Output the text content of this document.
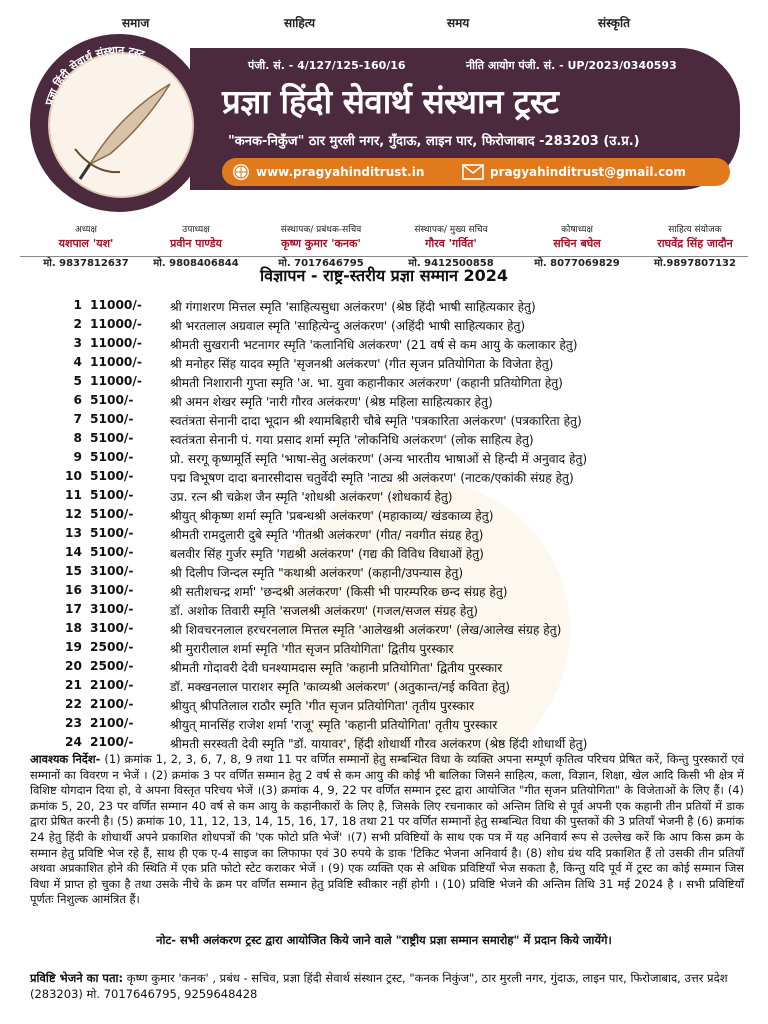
समाज	साहित्य	समय	संस्कृति
प्रज्ञा हिंदी सेवार्थ संस्थान ट्रस्ट
पंजी. सं. - 4/127/125-160/16	नीति आयोग पंजी. सं. - UP/2023/0340593
प्रज्ञा हिंदी सेवार्थ संस्थान ट्रस्ट
"कनक-निकुँज" ठार मुरली नगर, गुँदाऊ, लाइन पार, फिरोजाबाद -283203 (उ.प्र.)
www.pragyahinditrust.in	pragyahinditrust@gmail.com
अध्यक्ष
यशपाल 'यश'
मो. 9837812637
उपाध्यक्ष
प्रवीन पाण्डेय
मो. 9808406844
संस्थापक/ प्रबंधक-सचिव
कृष्ण कुमार 'कनक'
मो. 7017646795
संस्थापक/ मुख्य सचिव
गौरव 'गर्वित'
मो. 9412500858
कोषाध्यक्ष
सचिन बघेल
मो. 8077069829
साहित्य संयोजक
राघवेंद्र सिंह जादौन
मो.9897807132
विज्ञापन - राष्ट्र-स्तरीय प्रज्ञा सम्मान 2024
1 11000/- श्री गंगाशरण मित्तल स्मृति 'साहित्यसुधा अलंकरण' (श्रेष्ठ हिंदी भाषी साहित्यकार हेतु)
2 11000/- श्री भरतलाल अग्रवाल स्मृति 'साहित्येन्दु अलंकरण' (अहिंदी भाषी साहित्यकार हेतु)
3 11000/- श्रीमती सुखरानी भटनागर स्मृति 'कलानिधि अलंकरण' (21 वर्ष से कम आयु के कलाकार हेतु)
4 11000/- श्री मनोहर सिंह यादव स्मृति 'सृजनश्री अलंकरण' (गीत सृजन प्रतियोगिता के विजेता हेतु)
5 11000/- श्रीमती निशारानी गुप्ता स्मृति 'अ. भा. युवा कहानीकार अलंकरण' (कहानी प्रतियोगिता हेतु)
6 5100/-	श्री अमन शेखर स्मृति 'नारी गौरव अलंकरण' (श्रेष्ठ महिला साहित्यकार हेतु)
7 5100/-	स्वतंत्रता सेनानी दादा भूदान श्री श्यामबिहारी चौबे स्मृति 'पत्रकारिता अलंकरण' (पत्रकारिता हेतु)
8 5100/-	स्वतंत्रता सेनानी पं. गया प्रसाद शर्मा स्मृति 'लोकनिधि अलंकरण' (लोक साहित्य हेतु)
9 5100/-	प्रो. सरगू कृष्णमूर्ति स्मृति 'भाषा-सेतु अलंकरण' (अन्य भारतीय भाषाओं से हिन्दी में अनुवाद हेतु)
10 5100/-	पद्म विभूषण दादा बनारसीदास चतुर्वेदी स्मृति 'नाट्य श्री अलंकरण' (नाटक/एकांकी संग्रह हेतु)
11 5100/-	उप्र. रत्न श्री चक्रेश जैन स्मृति 'शोधश्री अलंकरण' (शोधकार्य हेतु)
12 5100/-	श्रीयुत् श्रीकृष्ण शर्मा स्मृति 'प्रबन्धश्री अलंकरण' (महाकाव्य/ खंडकाव्य हेतु)
13 5100/-	श्रीमती रामदुलारी दुबे स्मृति 'गीतश्री अलंकरण' (गीत/ नवगीत संग्रह हेतु)
14 5100/-	बलवीर सिंह गुर्जर स्मृति 'गद्यश्री अलंकरण' (गद्य की विविध विधाओं हेतु)
15 3100/-	श्री दिलीप जिन्दल स्मृति "कथाश्री अलंकरण' (कहानी/उपन्यास हेतु)
16 3100/-	श्री सतीशचन्द्र शर्मा' 'छन्दश्री अलंकरण' (किसी भी पारम्परिक छन्द संग्रह हेतु)
17 3100/-	डॉ. अशोक तिवारी स्मृति 'सजलश्री अलंकरण' (गजल/सजल संग्रह हेतु)
18 3100/-	श्री शिवचरनलाल हरचरनलाल मित्तल स्मृति 'आलेखश्री अलंकरण' (लेख/आलेख संग्रह हेतु)
19 2500/-	श्री मुरारीलाल शर्मा स्मृति 'गीत सृजन प्रतियोगिता' द्वितीय पुरस्कार
20 2500/-	श्रीमती गोदावरी देवी घनश्यामदास स्मृति 'कहानी प्रतियोगिता' द्वितीय पुरस्कार
21 2100/-	डॉ. मक्खनलाल पाराशर स्मृति 'काव्यश्री अलंकरण' (अतुकान्त/नई कविता हेतु)
22 2100/-	श्रीयुत् श्रीपतिलाल राठौर स्मृति 'गीत सृजन प्रतियोगिता' तृतीय पुरस्कार
23 2100/-	श्रीयुत् मानसिंह राजेश शर्मा 'राजू' स्मृति 'कहानी प्रतियोगिता' तृतीय पुरस्कार
24 2100/-	श्रीमती सरस्वती देवी स्मृति "डॉ. यायावर', हिंदी शोधार्थी गौरव अलंकरण (श्रेष्ठ हिंदी शोधार्थी हेतु)
आवश्यक निर्देश- (1) क्रमांक 1, 2, 3, 6, 7, 8, 9 तथा 11 पर वर्णित सम्मानों हेतु सम्बन्धित विधा के व्यक्ति अपना सम्पूर्ण कृतित्व परिचय प्रेषित करें, किन्तु पुरस्कारों एवं सम्मानों का विवरण न भेजें । (2) क्रमांक 3 पर वर्णित सम्मान हेतु 2 वर्ष से कम आयु की कोई भी बालिका जिसने साहित्य, कला, विज्ञान, शिक्षा, खेल आदि किसी भी क्षेत्र में विशिष्ट योगदान दिया हो, वे अपना विस्तृत परिचय भेजें ।(3) क्रमांक 4, 9, 22 पर वर्णित सम्मान ट्रस्ट द्वारा आयोजित "गीत सृजन प्रतियोगिता" के विजेताओं के लिए हैं। (4) क्रमांक 5, 20, 23 पर वर्णित सम्मान 40 वर्ष से कम आयु के कहानीकारों के लिए है, जिसके लिए रचनाकार को अन्तिम तिथि से पूर्व अपनी एक कहानी तीन प्रतियों में डाक द्वारा प्रेषित करनी है। (5) क्रमांक 10, 11, 12, 13, 14, 15, 16, 17, 18 तथा 21 पर वर्णित सम्मानों हेतु सम्बन्धित विधा की पुस्तकों की 3 प्रतियाँ भेजनी है (6) क्रमांक 24 हेतु हिंदी के शोधार्थी अपने प्रकाशित शोधपत्रों की 'एक फोटो प्रति भेजें' ।(7) सभी प्रविष्टियों के साथ एक पत्र में यह अनिवार्य रूप से उल्लेख करें कि आप किस क्रम के सम्मान हेतु प्रविष्टि भेज रहे हैं, साथ ही एक ए-4 साइज का लिफाफा एवं 30 रुपये के डाक 'टिकिट भेजना अनिवार्य है। (8) शोध ग्रंथ यदि प्रकाशित हैं तो उसकी तीन प्रतियाँ अथवा अप्रकाशित होने की स्थिति में एक प्रति फोटो स्टेट कराकर भेजें । (9) एक व्यक्ति एक से अधिक प्रविष्टियाँ भेज सकता है, किन्तु यदि पूर्व में ट्रस्ट का कोई सम्मान जिस विधा में प्राप्त हो चुका है तथा उसके नीचे के क्रम पर वर्णित सम्मान हेतु प्रविष्टि स्वीकार नहीं होगी । (10) प्रविष्टि भेजने की अन्तिम तिथि 31 मई 2024 है । सभी प्रविष्टियाँ पूर्णतः निशुल्क आमंत्रित हैं।
नोट- सभी अलंकरण ट्रस्ट द्वारा आयोजित किये जाने वाले "राष्ट्रीय प्रज्ञा सम्मान समारोह" में प्रदान किये जायेंगे।
प्रविष्टि भेजने का पता: कृष्ण कुमार 'कनक' , प्रबंध - सचिव, प्रज्ञा हिंदी सेवार्थ संस्थान ट्रस्ट, "कनक निकुंज", ठार मुरली नगर, गुंदाऊ, लाइन पार, फिरोजाबाद, उत्तर प्रदेश (283203) मो. 7017646795, 9259648428
